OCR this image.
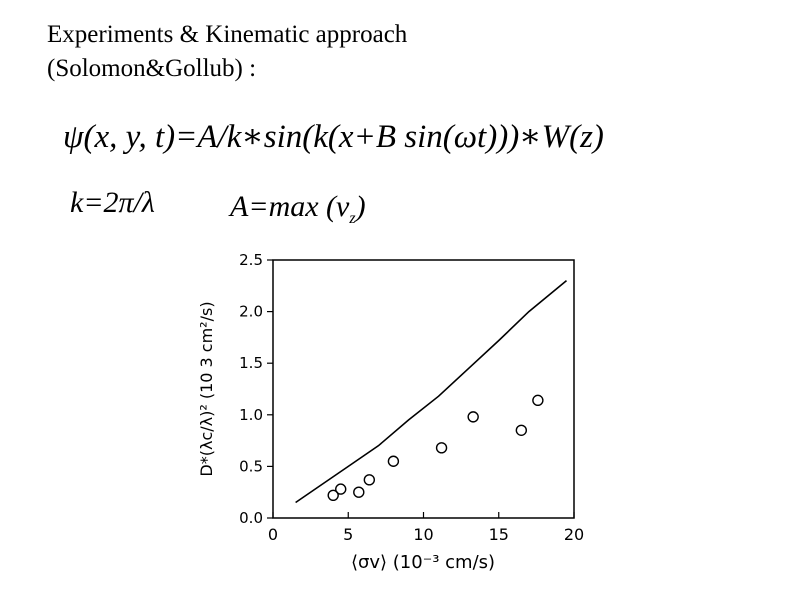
Experiments & Kinematic approach
(Solomon&Gollub) :
ψ(x, y, t)=A/k∗sin(k(x+B sin(ωt)))∗W(z)
k=2π/λ	A=max $(v_z)$
0.0
0.5
1.0
1.5
2.0
2.5
0	5	10	15	20
⟨σv⟩ (10⁻³ cm/s)
D*(λc/λ)² (10 3 cm²/s)
